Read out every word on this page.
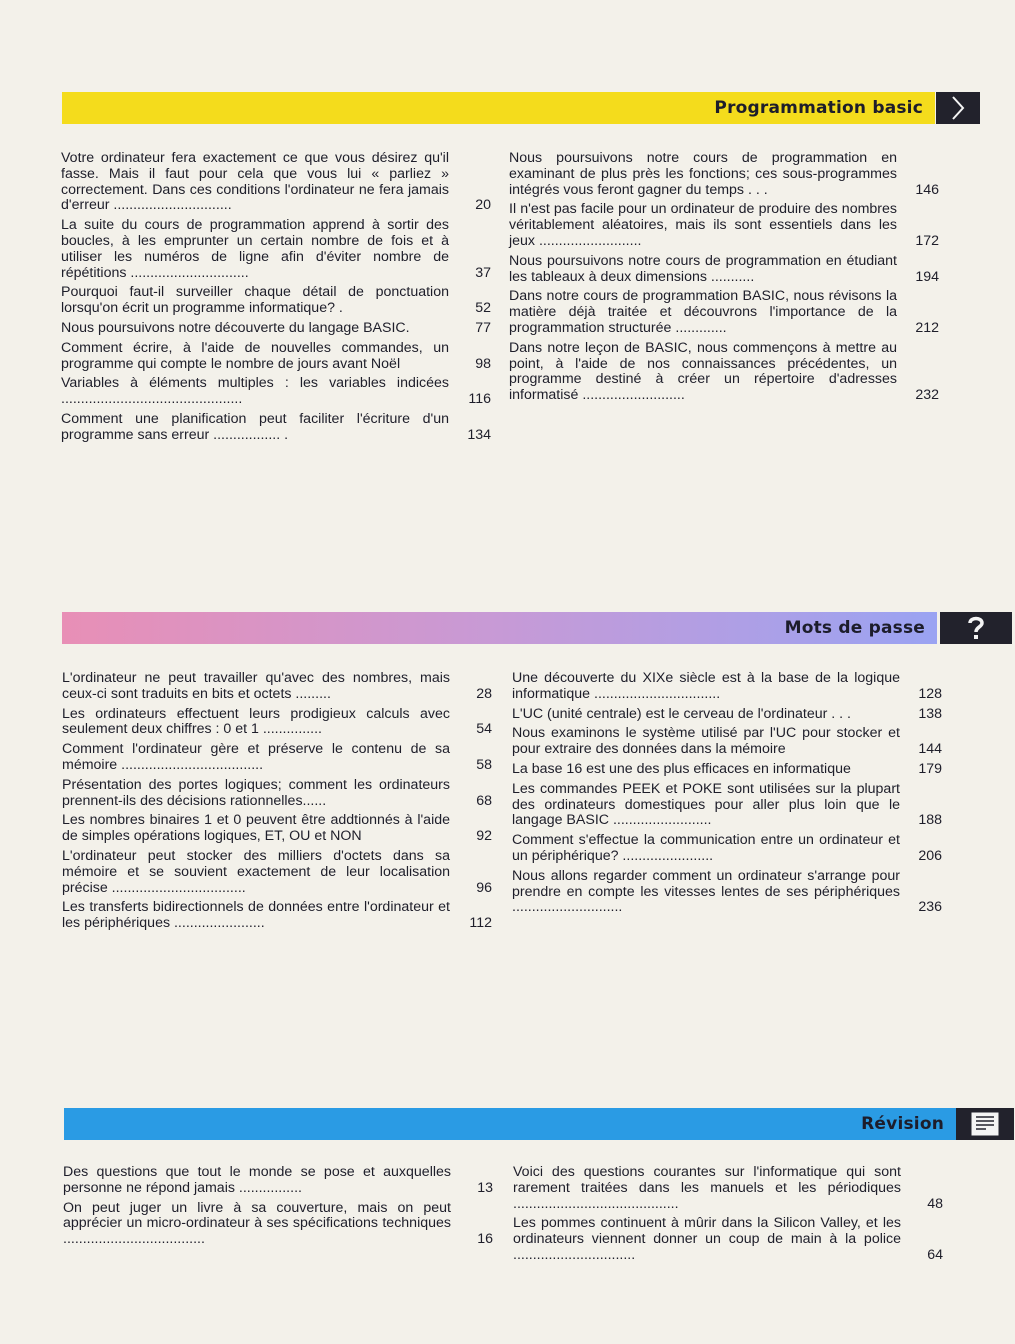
Programmation basic
Votre ordinateur fera exactement ce que vous désirez qu'il fasse. Mais il faut pour cela que vous lui « parliez » correctement. Dans ces conditions l'ordinateur ne fera jamais d'erreur ..............................	20
La suite du cours de programmation apprend à sortir des boucles, à les emprunter un certain nombre de fois et à utiliser les numéros de ligne afin d'éviter nombre de répétitions ..............................	37
Pourquoi faut-il surveiller chaque détail de ponctuation lorsqu'on écrit un programme informatique? .	52
Nous poursuivons notre découverte du langage BASIC.	77
Comment écrire, à l'aide de nouvelles commandes, un programme qui compte le nombre de jours avant Noël	98
Variables à éléments multiples : les variables indicées ..............................................	116
Comment une planification peut faciliter l'écriture d'un programme sans erreur ................. .	134
Nous poursuivons notre cours de programmation en examinant de plus près les fonctions; ces sous-programmes intégrés vous feront gagner du temps . . .	146
Il n'est pas facile pour un ordinateur de produire des nombres véritablement aléatoires, mais ils sont essentiels dans les jeux ..........................	172
Nous poursuivons notre cours de programmation en étudiant les tableaux à deux dimensions ...........	194
Dans notre cours de programmation BASIC, nous révisons la matière déjà traitée et découvrons l'importance de la programmation structurée .............	212
Dans notre leçon de BASIC, nous commençons à mettre au point, à l'aide de nos connaissances précédentes, un programme destiné à créer un répertoire d'adresses informatisé ..........................	232
Mots de passe
L'ordinateur ne peut travailler qu'avec des nombres, mais ceux-ci sont traduits en bits et octets .........	28
Les ordinateurs effectuent leurs prodigieux calculs avec seulement deux chiffres : 0 et 1 ...............	54
Comment l'ordinateur gère et préserve le contenu de sa mémoire ....................................	58
Présentation des portes logiques; comment les ordinateurs prennent-ils des décisions rationnelles......	68
Les nombres binaires 1 et 0 peuvent être addtionnés à l'aide de simples opérations logiques, ET, OU et NON	92
L'ordinateur peut stocker des milliers d'octets dans sa mémoire et se souvient exactement de leur localisation précise ..................................	96
Les transferts bidirectionnels de données entre l'ordinateur et les périphériques .......................	112
Une découverte du XIXe siècle est à la base de la logique informatique ................................	128
L'UC (unité centrale) est le cerveau de l'ordinateur . . .	138
Nous examinons le système utilisé par l'UC pour stocker et pour extraire des données dans la mémoire	144
La base 16 est une des plus efficaces en informatique	179
Les commandes PEEK et POKE sont utilisées sur la plupart des ordinateurs domestiques pour aller plus loin que le langage BASIC .........................	188
Comment s'effectue la communication entre un ordinateur et un périphérique? .......................	206
Nous allons regarder comment un ordinateur s'arrange pour prendre en compte les vitesses lentes de ses périphériques ............................	236
Révision
Des questions que tout le monde se pose et auxquelles personne ne répond jamais ................	13
On peut juger un livre à sa couverture, mais on peut apprécier un micro-ordinateur à ses spécifications techniques ....................................	16
Voici des questions courantes sur l'informatique qui sont rarement traitées dans les manuels et les périodiques ..........................................	48
Les pommes continuent à mûrir dans la Silicon Valley, et les ordinateurs viennent donner un coup de main à la police ...............................	64
